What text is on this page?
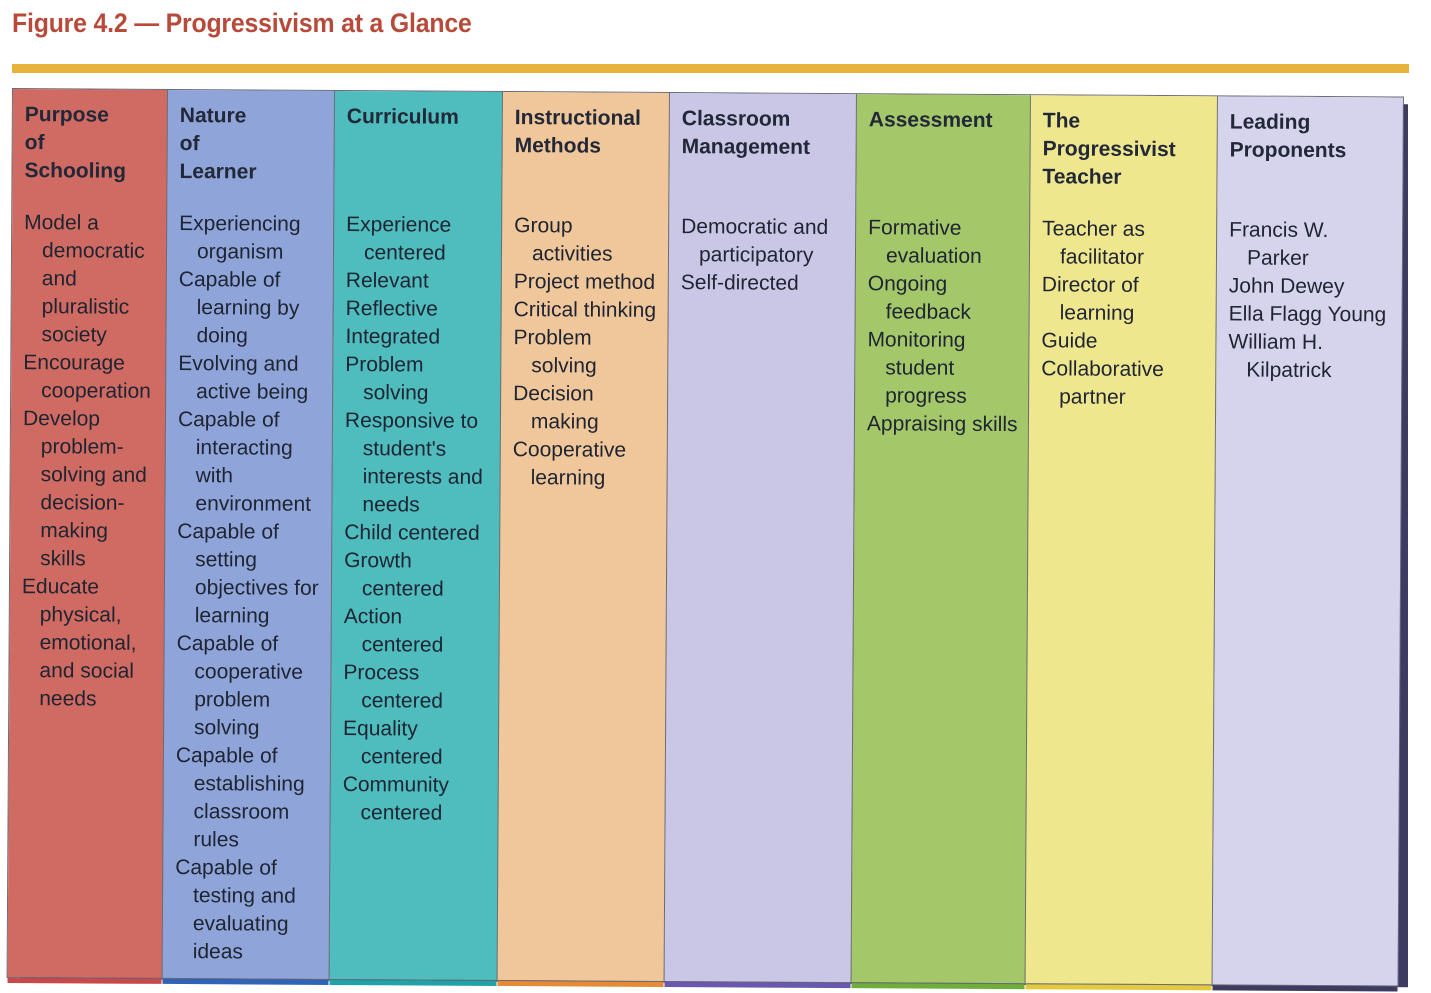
Figure 4.2 — Progressivism at a Glance
Purpose
of
Schooling
Model a democratic and pluralistic society
Encourage cooperation
Develop problem-solving and decision-making skills
Educate physical, emotional, and social needs
Nature
of
Learner
Experiencing organism
Capable of learning by doing
Evolving and active being
Capable of interacting with environment
Capable of setting objectives for learning
Capable of cooperative problem solving
Capable of establishing classroom rules
Capable of testing and evaluating ideas
Curriculum
Experience centered
Relevant
Reflective
Integrated
Problem solving
Responsive to student's interests and needs
Child centered
Growth centered
Action centered
Process centered
Equality centered
Community centered
Instructional
Methods
Group activities
Project method
Critical thinking
Problem solving
Decision making
Cooperative learning
Classroom
Management
Democratic and participatory
Self-directed
Assessment
Formative evaluation
Ongoing feedback
Monitoring student progress
Appraising skills
The
Progressivist
Teacher
Teacher as facilitator
Director of learning
Guide
Collaborative partner
Leading
Proponents
Francis W. Parker
John Dewey
Ella Flagg Young
William H. Kilpatrick
